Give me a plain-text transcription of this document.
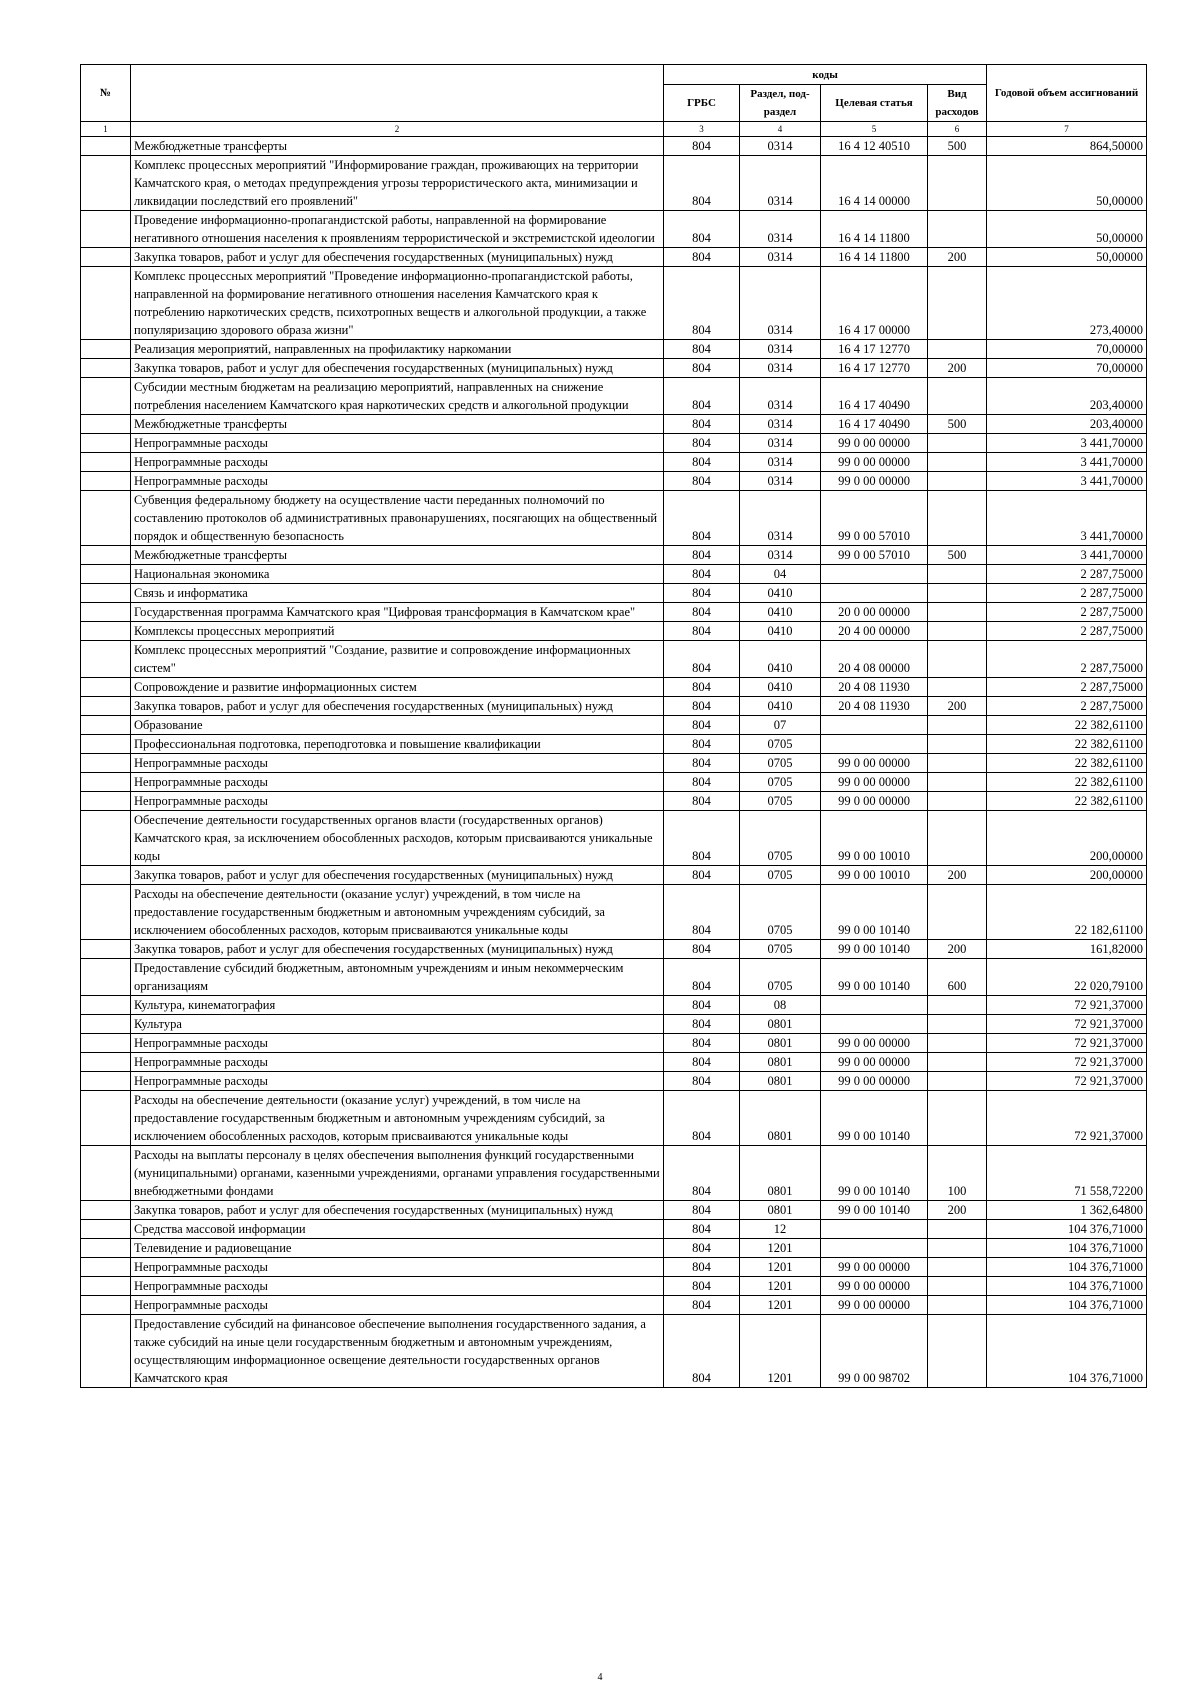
№		коды				Годовой объем ассигнований
		ГРБС	Раздел, под-раздел	Целевая статья	Вид расходов	
1	2	3	4	5	6	7
	Межбюджетные трансферты	804	0314	16 4 12 40510	500	864,50000
	Комплекс процессных мероприятий "Информирование граждан, проживающих на территории Камчатского края, о методах предупреждения угрозы террористического акта, минимизации и ликвидации последствий его проявлений"	804	0314	16 4 14 00000		50,00000
	Проведение информационно-пропагандистской работы, направленной на формирование негативного отношения населения к проявлениям террористической и экстремистской идеологии	804	0314	16 4 14 11800		50,00000
	Закупка товаров, работ и услуг для обеспечения государственных (муниципальных) нужд	804	0314	16 4 14 11800	200	50,00000
	Комплекс процессных мероприятий "Проведение информационно-пропагандистской работы, направленной на формирование негативного отношения населения Камчатского края к потреблению наркотических средств, психотропных веществ и алкогольной продукции, а также популяризацию здорового образа жизни"	804	0314	16 4 17 00000		273,40000
	Реализация мероприятий, направленных на профилактику наркомании	804	0314	16 4 17 12770		70,00000
	Закупка товаров, работ и услуг для обеспечения государственных (муниципальных) нужд	804	0314	16 4 17 12770	200	70,00000
	Субсидии местным бюджетам на реализацию мероприятий, направленных на снижение потребления населением Камчатского края наркотических средств и алкогольной продукции	804	0314	16 4 17 40490		203,40000
	Межбюджетные трансферты	804	0314	16 4 17 40490	500	203,40000
	Непрограммные расходы	804	0314	99 0 00 00000		3 441,70000
	Непрограммные расходы	804	0314	99 0 00 00000		3 441,70000
	Непрограммные расходы	804	0314	99 0 00 00000		3 441,70000
	Субвенция федеральному бюджету на осуществление части переданных полномочий по составлению протоколов об административных правонарушениях, посягающих на общественный порядок и общественную безопасность	804	0314	99 0 00 57010		3 441,70000
	Межбюджетные трансферты	804	0314	99 0 00 57010	500	3 441,70000
	Национальная экономика	804	04			2 287,75000
	Связь и информатика	804	0410			2 287,75000
	Государственная программа Камчатского края "Цифровая трансформация в Камчатском крае"	804	0410	20 0 00 00000		2 287,75000
	Комплексы процессных мероприятий	804	0410	20 4 00 00000		2 287,75000
	Комплекс процессных мероприятий "Создание, развитие и сопровождение информационных систем"	804	0410	20 4 08 00000		2 287,75000
	Сопровождение и развитие информационных систем	804	0410	20 4 08 11930		2 287,75000
	Закупка товаров, работ и услуг для обеспечения государственных (муниципальных) нужд	804	0410	20 4 08 11930	200	2 287,75000
	Образование	804	07			22 382,61100
	Профессиональная подготовка, переподготовка и повышение квалификации	804	0705			22 382,61100
	Непрограммные расходы	804	0705	99 0 00 00000		22 382,61100
	Непрограммные расходы	804	0705	99 0 00 00000		22 382,61100
	Непрограммные расходы	804	0705	99 0 00 00000		22 382,61100
	Обеспечение деятельности государственных органов власти (государственных органов) Камчатского края, за исключением обособленных расходов, которым присваиваются уникальные коды	804	0705	99 0 00 10010		200,00000
	Закупка товаров, работ и услуг для обеспечения государственных (муниципальных) нужд	804	0705	99 0 00 10010	200	200,00000
	Расходы на обеспечение деятельности (оказание услуг) учреждений, в том числе на предоставление государственным бюджетным и автономным учреждениям субсидий, за исключением обособленных расходов, которым присваиваются уникальные коды	804	0705	99 0 00 10140		22 182,61100
	Закупка товаров, работ и услуг для обеспечения государственных (муниципальных) нужд	804	0705	99 0 00 10140	200	161,82000
	Предоставление субсидий бюджетным, автономным учреждениям и иным некоммерческим организациям	804	0705	99 0 00 10140	600	22 020,79100
	Культура, кинематография	804	08			72 921,37000
	Культура	804	0801			72 921,37000
	Непрограммные расходы	804	0801	99 0 00 00000		72 921,37000
	Непрограммные расходы	804	0801	99 0 00 00000		72 921,37000
	Непрограммные расходы	804	0801	99 0 00 00000		72 921,37000
	Расходы на обеспечение деятельности (оказание услуг) учреждений, в том числе на предоставление государственным бюджетным и автономным учреждениям субсидий, за исключением обособленных расходов, которым присваиваются уникальные коды	804	0801	99 0 00 10140		72 921,37000
	Расходы на выплаты персоналу в целях обеспечения выполнения функций государственными (муниципальными) органами, казенными учреждениями, органами управления государственными внебюджетными фондами	804	0801	99 0 00 10140	100	71 558,72200
	Закупка товаров, работ и услуг для обеспечения государственных (муниципальных) нужд	804	0801	99 0 00 10140	200	1 362,64800
	Средства массовой информации	804	12			104 376,71000
	Телевидение и радиовещание	804	1201			104 376,71000
	Непрограммные расходы	804	1201	99 0 00 00000		104 376,71000
	Непрограммные расходы	804	1201	99 0 00 00000		104 376,71000
	Непрограммные расходы	804	1201	99 0 00 00000		104 376,71000
	Предоставление субсидий на финансовое обеспечение выполнения государственного задания, а также субсидий на иные цели государственным бюджетным и автономным учреждениям, осуществляющим информационное освещение деятельности государственных органов Камчатского края	804	1201	99 0 00 98702		104 376,71000
4
